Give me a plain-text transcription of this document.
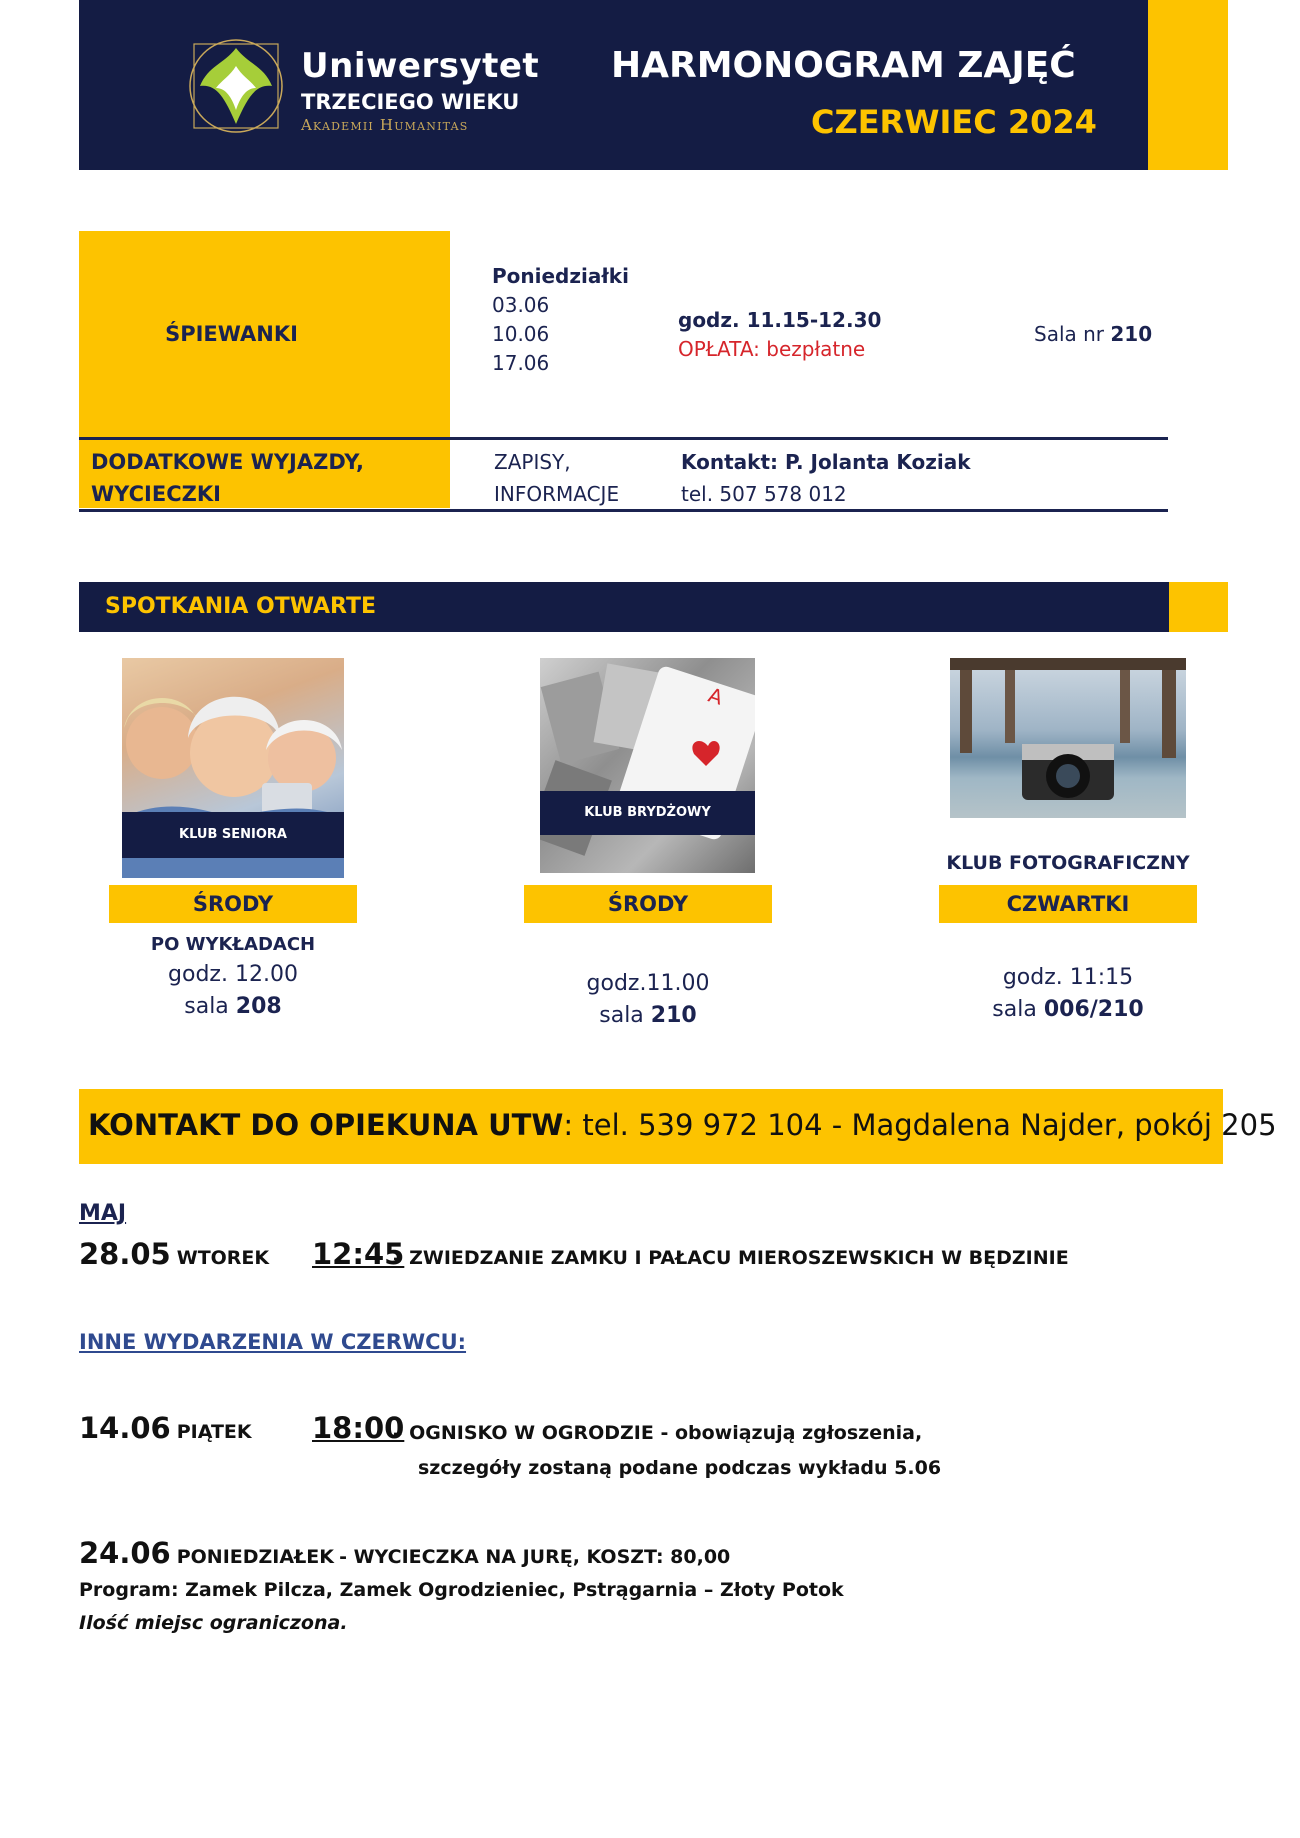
Uniwersytet
TRZECIEGO WIEKU
Akademii Humanitas
HARMONOGRAM ZAJĘĆ
CZERWIEC 2024
ŚPIEWANKI
Poniedziałki
03.06
10.06
17.06
godz. 11.15-12.30
OPŁATA: bezpłatne
Sala nr 210
DODATKOWE WYJAZDY,
WYCIECZKI
ZAPISY,
INFORMACJE
Kontakt: P. Jolanta Koziak
tel. 507 578 012
SPOTKANIA OTWARTE
KLUB SENIORA
A
KLUB BRYDŻOWY
KLUB FOTOGRAFICZNY
ŚRODY	ŚRODY	CZWARTKI
PO WYKŁADACH
godz. 12.00
sala 208
godz.11.00
sala 210
godz. 11:15
sala 006/210
KONTAKT DO OPIEKUNA UTW: tel. 539 972 104 - Magdalena Najder, pokój 205
MAJ
28.05 WTOREK 12:45
– ZWIEDZANIE ZAMKU I PAŁACU MIEROSZEWSKICH W BĘDZINIE
INNE WYDARZENIA W CZERWCU:
14.06 PIĄTEK 18:00
– OGNISKO W OGRODZIE - obowiązują zgłoszenia,
szczegóły zostaną podane podczas wykładu 5.06
24.06 PONIEDZIAŁEK - WYCIECZKA NA JURĘ, KOSZT: 80,00
Program: Zamek Pilcza, Zamek Ogrodzieniec, Pstrągarnia – Złoty Potok
Ilość miejsc ograniczona.
